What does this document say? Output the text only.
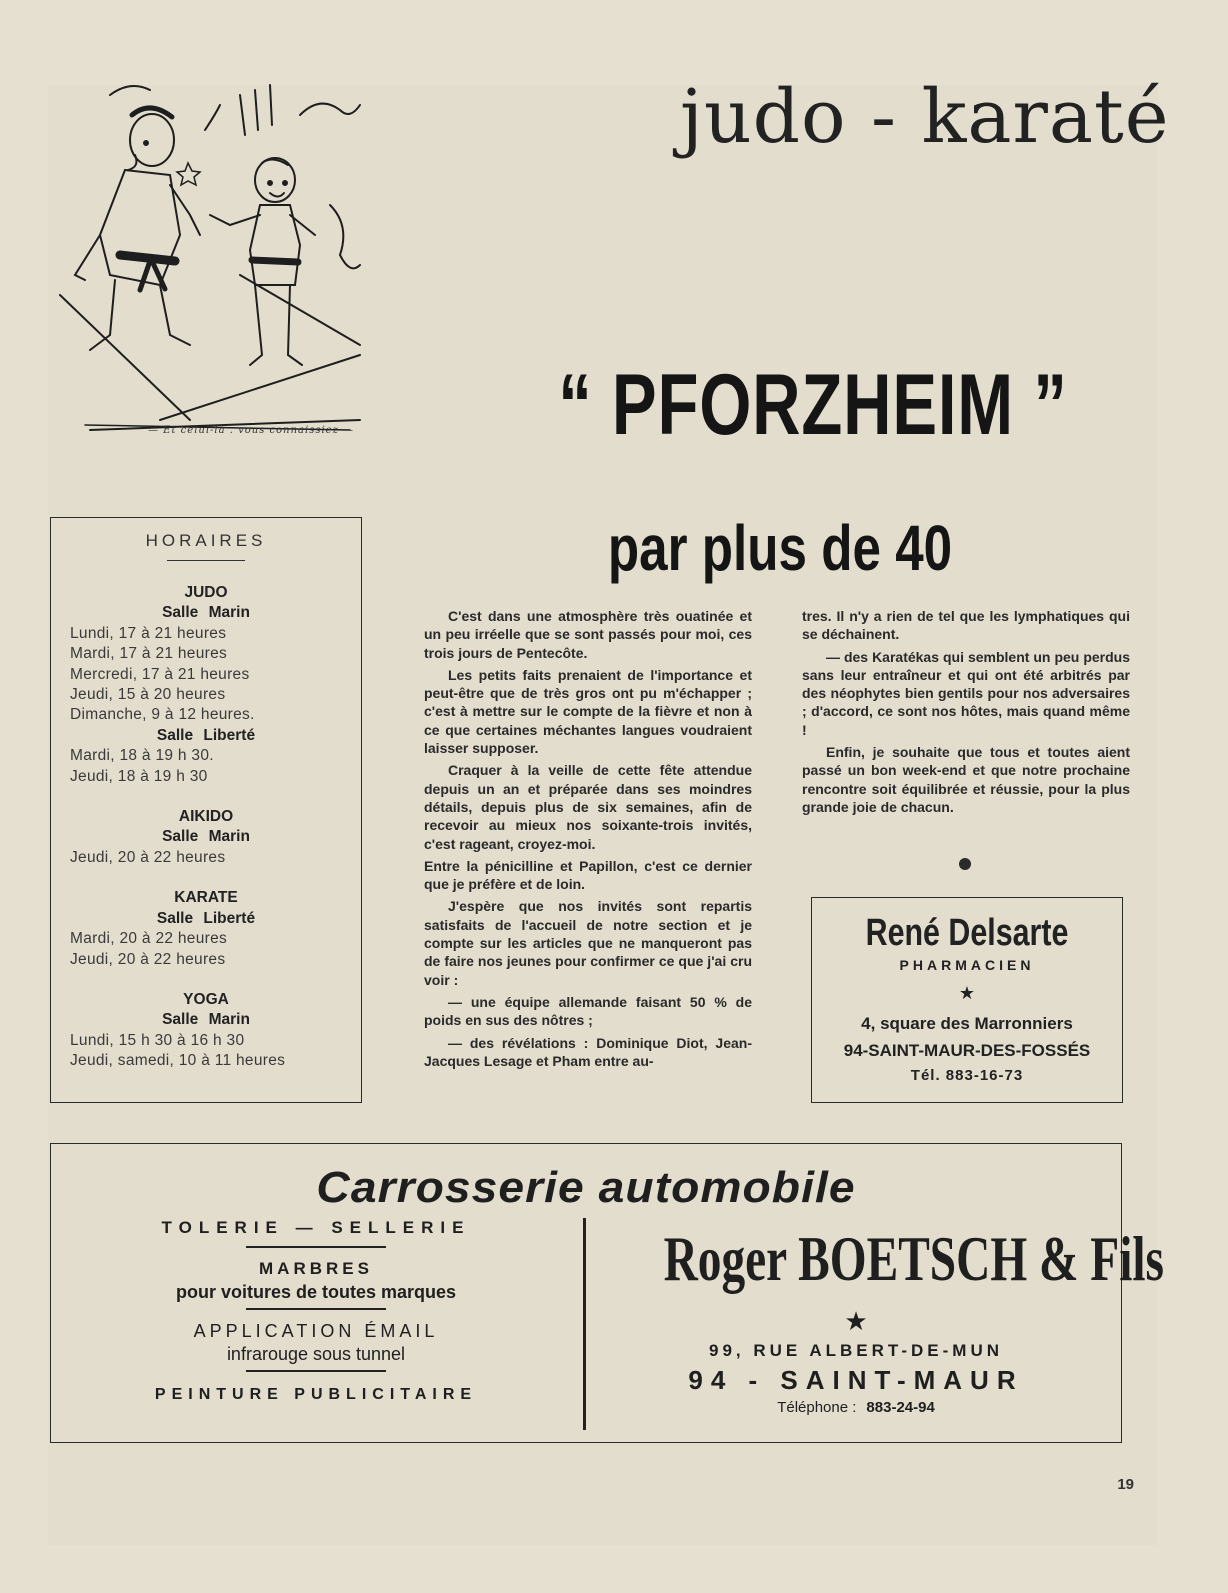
judo - karaté
— Et celui-là . vous connaissiez — “ PFORZHEIM ”
par plus de 40
HORAIRES
JUDO
Salle Marin
Lundi, 17 à 21 heures
Mardi, 17 à 21 heures
Mercredi, 17 à 21 heures
Jeudi, 15 à 20 heures
Dimanche, 9 à 12 heures.
Salle Liberté
Mardi, 18 à 19 h 30.
Jeudi, 18 à 19 h 30
AIKIDO
Salle Marin
Jeudi, 20 à 22 heures
KARATE
Salle Liberté
Mardi, 20 à 22 heures
Jeudi, 20 à 22 heures
YOGA
Salle Marin
Lundi, 15 h 30 à 16 h 30
Jeudi, samedi, 10 à 11 heures

C'est dans une atmosphère très ouatinée et un peu irréelle que se sont passés pour moi, ces trois jours de Pentecôte.

Les petits faits prenaient de l'importance et peut-être que de très gros ont pu m'échapper ; c'est à mettre sur le compte de la fièvre et non à ce que certaines méchantes langues voudraient laisser supposer.

Craquer à la veille de cette fête attendue depuis un an et préparée dans ses moindres détails, depuis plus de six semaines, afin de recevoir au mieux nos soixante-trois invités, c'est rageant, croyez-moi.

Entre la pénicilline et Papillon, c'est ce dernier que je préfère et de loin.

J'espère que nos invités sont repartis satisfaits de l'accueil de notre section et je compte sur les articles que ne manqueront pas de faire nos jeunes pour confirmer ce que j'ai cru voir :

— une équipe allemande faisant 50 % de poids en sus des nôtres ;

— des révélations : Dominique Diot, Jean-Jacques Lesage et Pham entre au-

tres. Il n'y a rien de tel que les lymphatiques qui se déchainent.

— des Karatékas qui semblent un peu perdus sans leur entraîneur et qui ont été arbitrés par des néophytes bien gentils pour nos adversaires ; d'accord, ce sont nos hôtes, mais quand même !

Enfin, je souhaite que tous et toutes aient passé un bon week-end et que notre prochaine rencontre soit équilibrée et réussie, pour la plus grande joie de chacun.

René Delsarte
PHARMACIEN
★
4, square des Marronniers
94-SAINT-MAUR-DES-FOSSÉS
Tél. 883-16-73
Carrosserie automobile
TOLERIE — SELLERIE
MARBRES
pour voitures de toutes marques
APPLICATION ÉMAIL
infrarouge sous tunnel
PEINTURE PUBLICITAIRE
Roger BOETSCH & Fils
★
99, RUE ALBERT-DE-MUN
94 - SAINT-MAUR
Téléphone : 883-24-94
19
